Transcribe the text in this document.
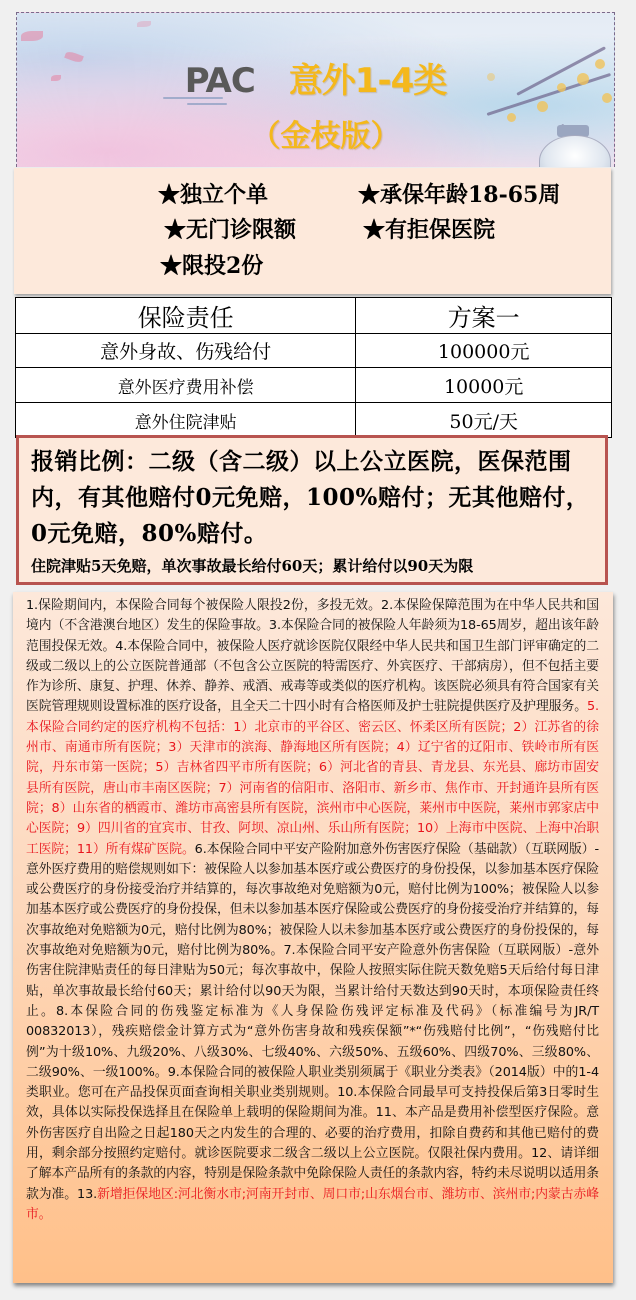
PAC 意外1-4类
（金枝版）
★独立个单	★承保年龄18-65周
★无门诊限额	★有拒保医院
★限投2份
保险责任	方案一
意外身故、伤残给付	100000元
意外医疗费用补偿	10000元
意外住院津贴	50元/天
报销比例：二级（含二级）以上公立医院，医保范围内，有其他赔付0元免赔，100%赔付；无其他赔付，0元免赔，80%赔付。
住院津贴5天免赔，单次事故最长给付60天；累计给付以90天为限

1.保险期间内，本保险合同每个被保险人限投2份，多投无效。2.本保险保障范围为在中华人民共和国境内（不含港澳台地区）发生的保险事故。3.本保险合同的被保险人年龄须为18-65周岁，超出该年龄范围投保无效。4.本保险合同中，被保险人医疗就诊医院仅限经中华人民共和国卫生部门评审确定的二级或二级以上的公立医院普通部（不包含公立医院的特需医疗、外宾医疗、干部病房），但不包括主要作为诊所、康复、护理、休养、静养、戒酒、戒毒等或类似的医疗机构。该医院必须具有符合国家有关医院管理规则设置标准的医疗设备，且全天二十四小时有合格医师及护士驻院提供医疗及护理服务。5.本保险合同约定的医疗机构不包括：1）北京市的平谷区、密云区、怀柔区所有医院；2）江苏省的徐州市、南通市所有医院；3）天津市的滨海、静海地区所有医院；4）辽宁省的辽阳市、铁岭市所有医院，丹东市第一医院；5）吉林省四平市所有医院；6）河北省的青县、青龙县、东光县、廊坊市固安县所有医院，唐山市丰南区医院；7）河南省的信阳市、洛阳市、新乡市、焦作市、开封通许县所有医院；8）山东省的栖霞市、潍坊市高密县所有医院，滨州市中心医院，莱州市中医院，莱州市郭家店中心医院；9）四川省的宜宾市、甘孜、阿坝、凉山州、乐山所有医院；10）上海市中医院、上海中冶职工医院；11）所有煤矿医院。6.本保险合同中平安产险附加意外伤害医疗保险（基础款）（互联网版）-意外医疗费用的赔偿规则如下：被保险人以参加基本医疗或公费医疗的身份投保，以参加基本医疗保险或公费医疗的身份接受治疗并结算的，每次事故绝对免赔额为0元，赔付比例为100%；被保险人以参加基本医疗或公费医疗的身份投保，但未以参加基本医疗保险或公费医疗的身份接受治疗并结算的，每次事故绝对免赔额为0元，赔付比例为80%；被保险人以未参加基本医疗或公费医疗的身份投保的，每次事故绝对免赔额为0元，赔付比例为80%。7.本保险合同平安产险意外伤害保险（互联网版）-意外伤害住院津贴责任的每日津贴为50元；每次事故中，保险人按照实际住院天数免赔5天后给付每日津贴，单次事故最长给付60天；累计给付以90天为限，当累计给付天数达到90天时，本项保险责任终止。8.本保险合同的伤残鉴定标准为《人身保险伤残评定标准及代码》（标准编号为JR/T 00832013），残疾赔偿金计算方式为“意外伤害身故和残疾保额”*“伤残赔付比例”，“伤残赔付比例”为十级10%、九级20%、八级30%、七级40%、六级50%、五级60%、四级70%、三级80%、二级90%、一级100%。9.本保险合同的被保险人职业类别须属于《职业分类表》（2014版）中的1-4类职业。您可在产品投保页面查询相关职业类别规则。10.本保险合同最早可支持投保后第3日零时生效，具体以实际投保选择且在保险单上载明的保险期间为准。11、本产品是费用补偿型医疗保险。意外伤害医疗自出险之日起180天之内发生的合理的、必要的治疗费用，扣除自费药和其他已赔付的费用，剩余部分按照约定赔付。就诊医院要求二级含二级以上公立医院。仅限社保内费用。12、请详细了解本产品所有的条款的内容，特别是保险条款中免除保险人责任的条款内容，特约未尽说明以适用条款为准。13.新增拒保地区:河北衡水市;河南开封市、周口市;山东烟台市、潍坊市、滨州市;内蒙古赤峰市。
